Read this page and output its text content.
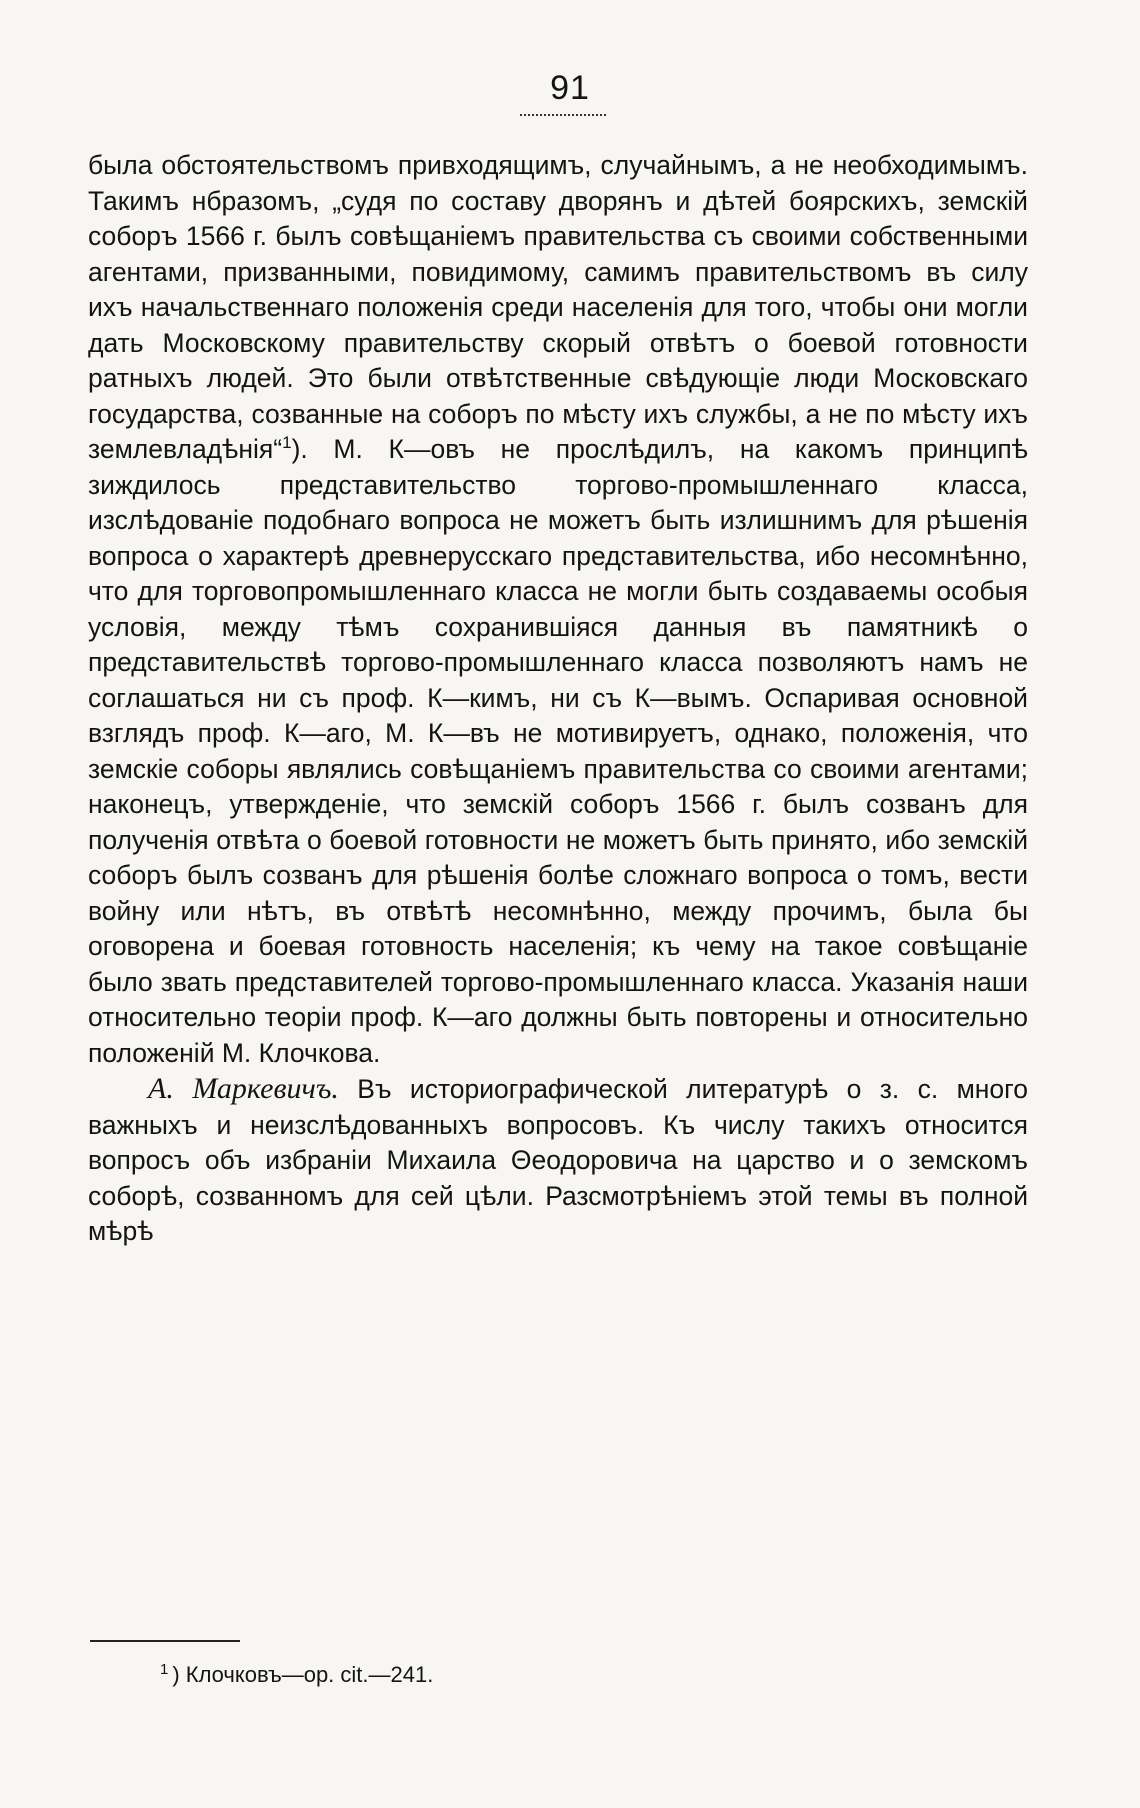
91

была обстоятельствомъ привходящимъ, случайнымъ, а не необходимымъ. Такимъ нбразомъ, „судя по составу дворянъ и дѣтей боярскихъ, земскій соборъ 1566 г. былъ совѣщаніемъ правительства съ своими собственными агентами, призванными, повидимому, самимъ правительствомъ въ силу ихъ начальственнаго положенія среди населенія для того, чтобы они могли дать Московскому правительству скорый отвѣтъ о боевой готовности ратныхъ людей. Это были отвѣтственные свѣдующіе люди Московскаго государства, созванные на соборъ по мѣсту ихъ службы, а не по мѣсту ихъ землевладѣнія“$^1$). М. К—овъ не прослѣдилъ, на какомъ принципѣ зиждилось представительство торгово-промышленнаго класса, изслѣдованіе подобнаго вопроса не можетъ быть излишнимъ для рѣшенія вопроса о характерѣ древнерусскаго представительства, ибо несомнѣнно, что для торговопромышленнаго класса не могли быть создаваемы особыя условія, между тѣмъ сохранившіяся данныя въ памятникѣ о представительствѣ торгово-промышленнаго класса позволяютъ намъ не соглашаться ни съ проф. К—кимъ, ни съ К—вымъ. Оспаривая основной взглядъ проф. К—аго, М. К—въ не мотивируетъ, однако, положенія, что земскіе соборы являлись совѣщаніемъ правительства со своими агентами; наконецъ, утвержденіе, что земскій соборъ 1566 г. былъ созванъ для полученія отвѣта о боевой готовности не можетъ быть принято, ибо земскій соборъ былъ созванъ для рѣшенія болѣе сложнаго вопроса о томъ, вести войну или нѣтъ, въ отвѣтѣ несомнѣнно, между прочимъ, была бы оговорена и боевая готовность населенія; къ чему на такое совѣщаніе было звать представителей торгово-промышленнаго класса. Указанія наши относительно теоріи проф. К—аго должны быть повторены и относительно положеній М. Клочкова.

А. Маркевичъ. Въ историографической литературѣ о з. с. много важныхъ и неизслѣдованныхъ вопросовъ. Къ числу такихъ относится вопросъ объ избраніи Михаила Θеодоровича на царство и о земскомъ соборѣ, созванномъ для сей цѣли. Разсмотрѣніемъ этой темы въ полной мѣрѣ

$^1$ ) Клочковъ—ор. cit.—241.
